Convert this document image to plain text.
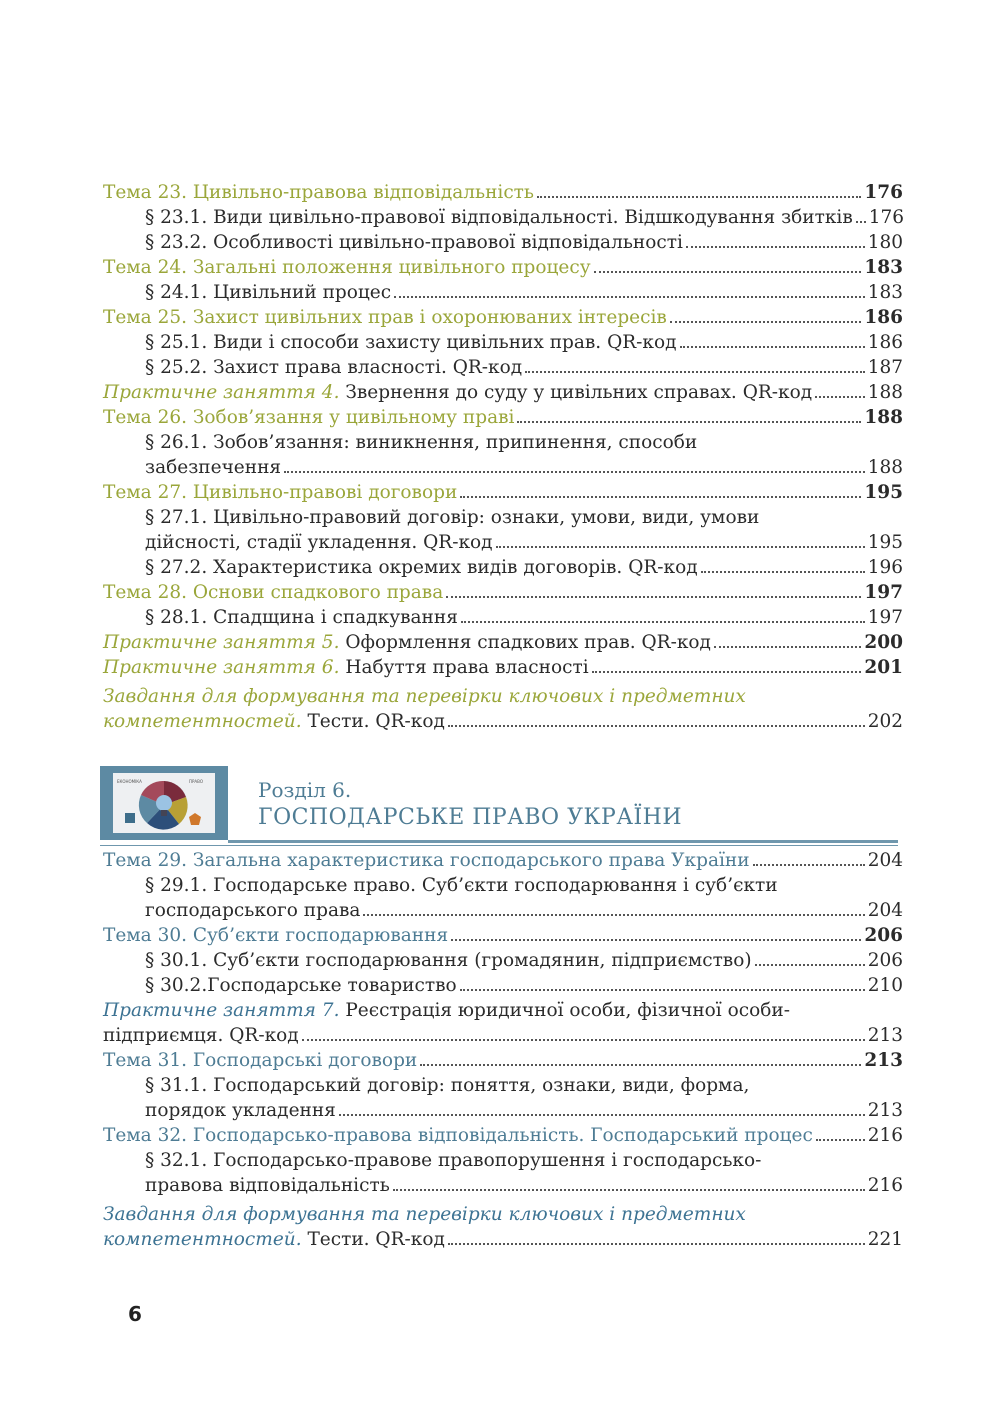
Тема 23. Цивільно-правова відповідальність	176
§ 23.1. Види цивільно-правової відповідальності. Відшкодування збитків 176
§ 23.2. Особливості цивільно-правової відповідальності	180
Тема 24. Загальні положення цивільного процесу	183
§ 24.1. Цивільний процес	183
Тема 25. Захист цивільних прав і охоронюваних інтересів	186
§ 25.1. Види і способи захисту цивільних прав. QR-код	186
§ 25.2. Захист права власності. QR-код	187
Практичне заняття 4. Звернення до суду у цивільних справах. QR-код	188
Тема 26. Зобов’язання у цивільному праві	188
§ 26.1. Зобов’язання: виникнення, припинення, способи
забезпечення	188
Тема 27. Цивільно-правові договори	195
§ 27.1. Цивільно-правовий договір: ознаки, умови, види, умови
дійсності, стадії укладення. QR-код	195
§ 27.2. Характеристика окремих видів договорів. QR-код	196
Тема 28. Основи спадкового права	197
§ 28.1. Спадщина і спадкування	197
Практичне заняття 5. Оформлення спадкових прав. QR-код	200
Практичне заняття 6. Набуття права власності	201
Завдання для формування та перевірки ключових і предметних
компетентностей. Тести. QR-код	202
ЕКОНОМІКА	ПРАВО	Розділ 6.
ГОСПОДАРСЬКЕ ПРАВО УКРАЇНИ
Тема 29. Загальна характеристика господарського права України	204
§ 29.1. Господарське право. Суб’єкти господарювання і суб’єкти
господарського права	204
Тема 30. Суб’єкти господарювання	206
§ 30.1. Суб’єкти господарювання (громадянин, підприємство)	206
§ 30.2.Господарське товариство	210
Практичне заняття 7. Реєстрація юридичної особи, фізичної особи-
підприємця. QR-код	213
Тема 31. Господарські договори	213
§ 31.1. Господарський договір: поняття, ознаки, види, форма,
порядок укладення	213
Тема 32. Господарсько-правова відповідальність. Господарський процес	216
§ 32.1. Господарсько-правове правопорушення і господарсько-
правова відповідальність	216
Завдання для формування та перевірки ключових і предметних
компетентностей. Тести. QR-код	221
6
